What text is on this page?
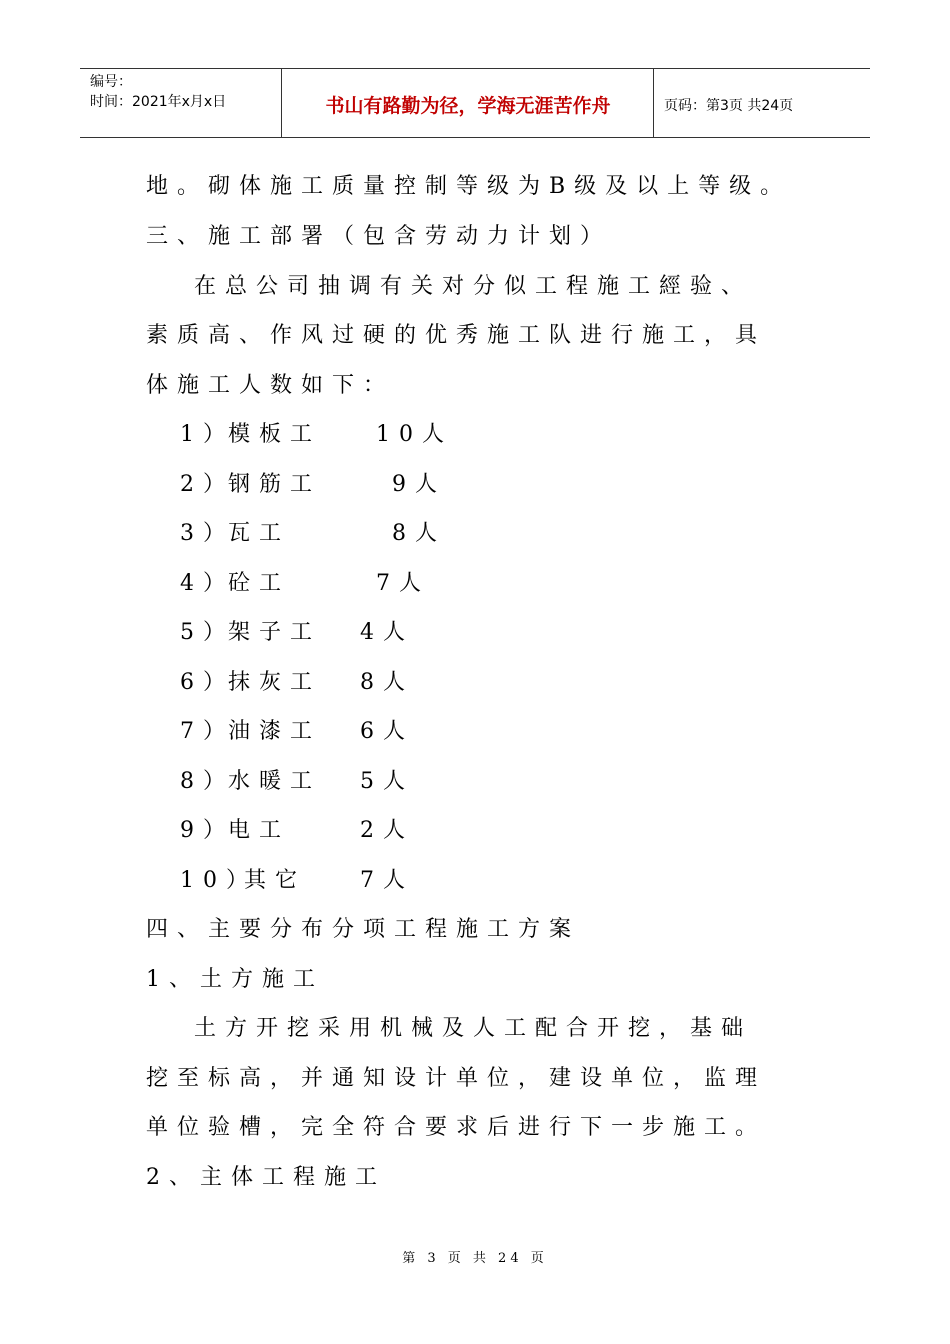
编号：
时间：2021年x月x日	书山有路勤为径，学海无涯苦作舟	页码：第3页 共24页
地。砌体施工质量控制等级为B级及以上等级。
三、施工部署（包含劳动力计划）
在总公司抽调有关对分似工程施工經验、
素质高、作风过硬的优秀施工队进行施工，具
体施工人数如下：
1）
模板工 10人
2）
钢筋工	9人
3）
瓦工	8人
4）
砼工	7人
5）
架子工 4人
6）
抹灰工 8人
7）
油漆工 6人
8）
水暖工 5人
9）
电工	2人
10）
其它 7人
四、主要分布分项工程施工方案
1、土方施工
土方开挖采用机械及人工配合开挖，基础
挖至标高，并通知设计单位，建设单位，监理
单位验槽，完全符合要求后进行下一步施工。
2、主体工程施工
第 3 页 共 24 页
